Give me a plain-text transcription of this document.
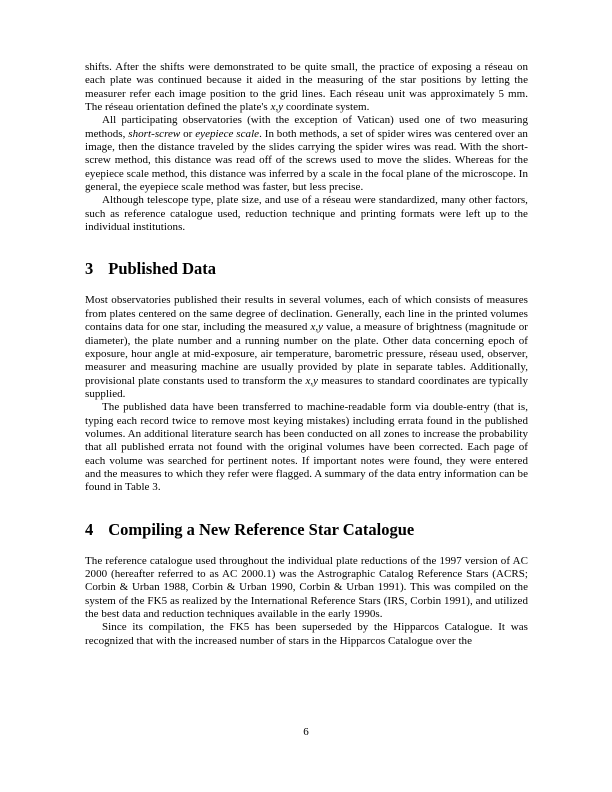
shifts. After the shifts were demonstrated to be quite small, the practice of exposing a réseau on each plate was continued because it aided in the measuring of the star positions by letting the measurer refer each image position to the grid lines. Each réseau unit was approximately 5 mm. The réseau orientation defined the plate's x,y coordinate system.

All participating observatories (with the exception of Vatican) used one of two measuring methods, short-screw or eyepiece scale. In both methods, a set of spider wires was centered over an image, then the distance traveled by the slides carrying the spider wires was read. With the short-screw method, this distance was read off of the screws used to move the slides. Whereas for the eyepiece scale method, this distance was inferred by a scale in the focal plane of the microscope. In general, the eyepiece scale method was faster, but less precise.

Although telescope type, plate size, and use of a réseau were standardized, many other factors, such as reference catalogue used, reduction technique and printing formats were left up to the individual institutions.

3 Published Data

Most observatories published their results in several volumes, each of which consists of measures from plates centered on the same degree of declination. Generally, each line in the printed volumes contains data for one star, including the measured x,y value, a measure of brightness (magnitude or diameter), the plate number and a running number on the plate. Other data concerning epoch of exposure, hour angle at mid-exposure, air temperature, barometric pressure, réseau used, observer, measurer and measuring machine are usually provided by plate in separate tables. Additionally, provisional plate constants used to transform the x,y measures to standard coordinates are typically supplied.

The published data have been transferred to machine-readable form via double-entry (that is, typing each record twice to remove most keying mistakes) including errata found in the published volumes. An additional literature search has been conducted on all zones to increase the probability that all published errata not found with the original volumes have been corrected. Each page of each volume was searched for pertinent notes. If important notes were found, they were entered and the measures to which they refer were flagged. A summary of the data entry information can be found in Table 3.

4 Compiling a New Reference Star Catalogue

The reference catalogue used throughout the individual plate reductions of the 1997 version of AC 2000 (hereafter referred to as AC 2000.1) was the Astrographic Catalog Reference Stars (ACRS; Corbin & Urban 1988, Corbin & Urban 1990, Corbin & Urban 1991). This was compiled on the system of the FK5 as realized by the International Reference Stars (IRS, Corbin 1991), and utilized the best data and reduction techniques available in the early 1990s.

Since its compilation, the FK5 has been superseded by the Hipparcos Catalogue. It was recognized that with the increased number of stars in the Hipparcos Catalogue over the

6
